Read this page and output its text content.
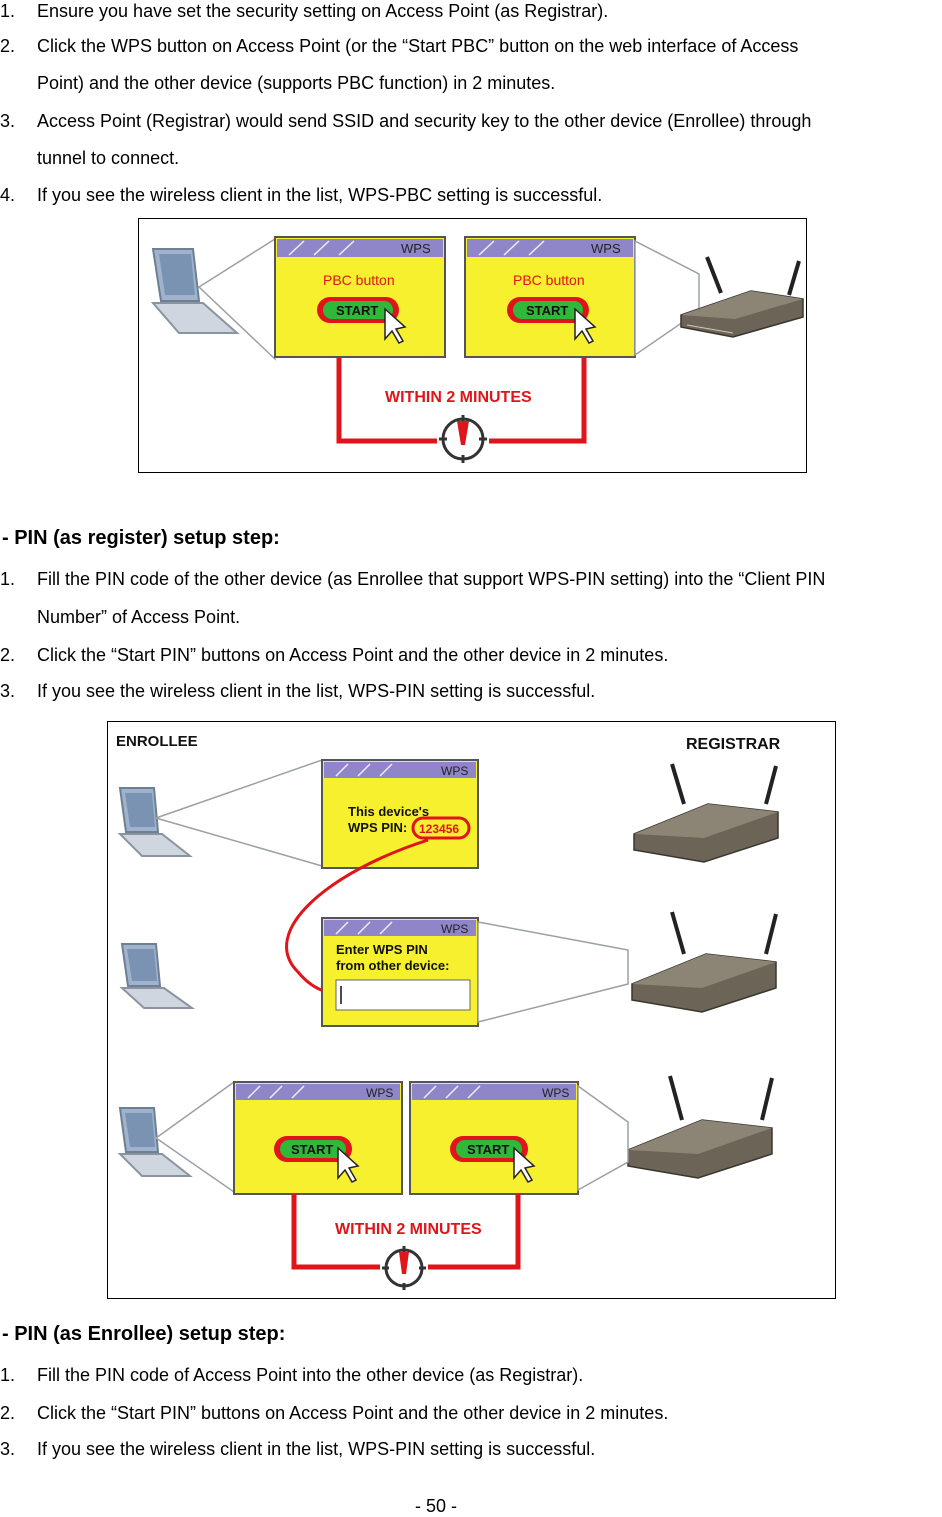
1.	Ensure you have set the security setting on Access Point (as Registrar).
2.	Click the WPS button on Access Point (or the “Start PBC” button on the web interface of Access
Point) and the other device (supports PBC function) in 2 minutes.
3.	Access Point (Registrar) would send SSID and security key to the other device (Enrollee) through
tunnel to connect.
4.	If you see the wireless client in the list, WPS-PBC setting is successful.
WPS
PBC button
START
WPS
PBC button
START
WITHIN 2 MINUTES
- PIN (as register) setup step:
1.	Fill the PIN code of the other device (as Enrollee that support WPS-PIN setting) into the “Client PIN
Number” of Access Point.
2.	Click the “Start PIN” buttons on Access Point and the other device in 2 minutes.
3.	If you see the wireless client in the list, WPS-PIN setting is successful.
ENROLLEE	REGISTRAR
WPS
This device's
WPS PIN: 123456
WPS
Enter WPS PIN
from other device:
WPS
START
WPS
START
WITHIN 2 MINUTES
- PIN (as Enrollee) setup step:
1.	Fill the PIN code of Access Point into the other device (as Registrar).
2.	Click the “Start PIN” buttons on Access Point and the other device in 2 minutes.
3.	If you see the wireless client in the list, WPS-PIN setting is successful.
- 50 -
